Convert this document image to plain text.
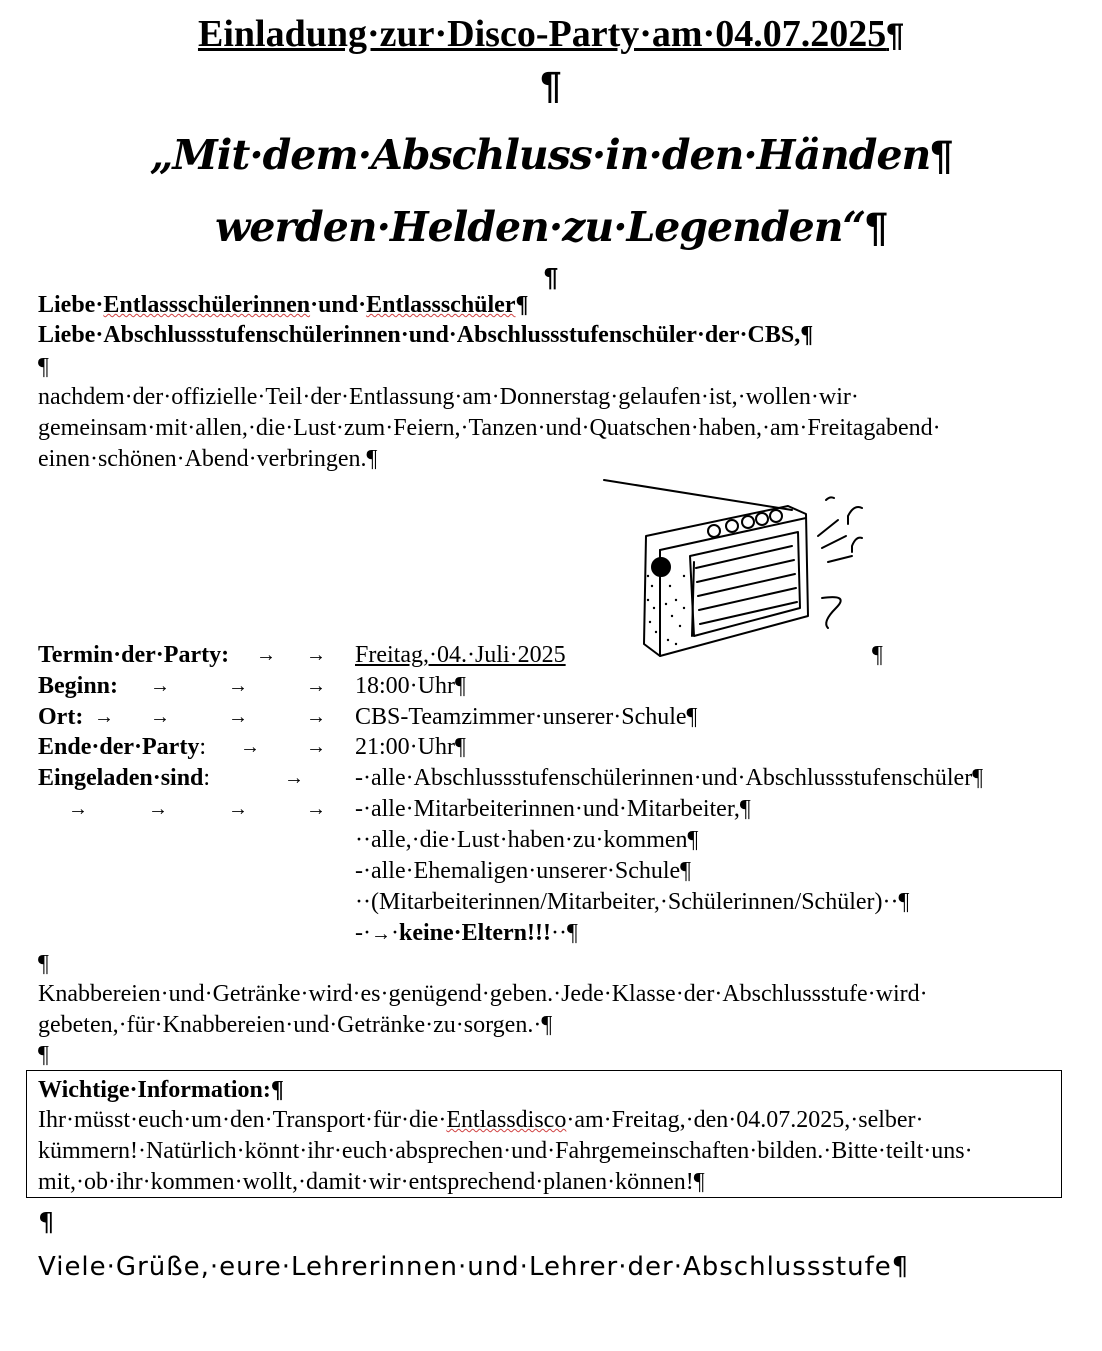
Einladung·zur·Disco-Party·am·04.07.2025¶
¶
„Mit·dem·Abschluss·in·den·Händen¶
werden·Helden·zu·Legenden“¶
¶
Liebe·Entlassschülerinnen·und·Entlassschüler¶
Liebe·Abschlussstufenschülerinnen·und·Abschlussstufenschüler·der·CBS,¶
¶
nachdem·der·offizielle·Teil·der·Entlassung·am·Donnerstag·gelaufen·ist,·wollen·wir·
gemeinsam·mit·allen,·die·Lust·zum·Feiern,·Tanzen·und·Quatschen·haben,·am·Freitagabend·
einen·schönen·Abend·verbringen.¶
Termin·der·Party: → → Freitag,·04.·Juli·2025	¶
Beginn: →	→	→ 18:00·Uhr¶
Ort: → →	→	→ CBS-Teamzimmer·unserer·Schule¶
Ende·der·Party: → → 21:00·Uhr¶
Eingeladen·sind:	→ -·alle·Abschlussstufenschülerinnen·und·Abschlussstufenschüler¶
→	→	→	→ -·alle·Mitarbeiterinnen·und·Mitarbeiter,¶
··alle,·die·Lust·haben·zu·kommen¶
-·alle·Ehemaligen·unserer·Schule¶
··(Mitarbeiterinnen/Mitarbeiter,·Schülerinnen/Schüler)··¶
-·→·keine·Eltern!!!··¶
¶
Knabbereien·und·Getränke·wird·es·genügend·geben.·Jede·Klasse·der·Abschlussstufe·wird·
gebeten,·für·Knabbereien·und·Getränke·zu·sorgen.·¶
¶
Wichtige·Information:¶
Ihr·müsst·euch·um·den·Transport·für·die·Entlassdisco·am·Freitag,·den·04.07.2025,·selber·
kümmern!·Natürlich·könnt·ihr·euch·absprechen·und·Fahrgemeinschaften·bilden.·Bitte·teilt·uns·
mit,·ob·ihr·kommen·wollt,·damit·wir·entsprechend·planen·können!¶
¶
Viele·Grüße,·eure·Lehrerinnen·und·Lehrer·der·Abschlussstufe¶
